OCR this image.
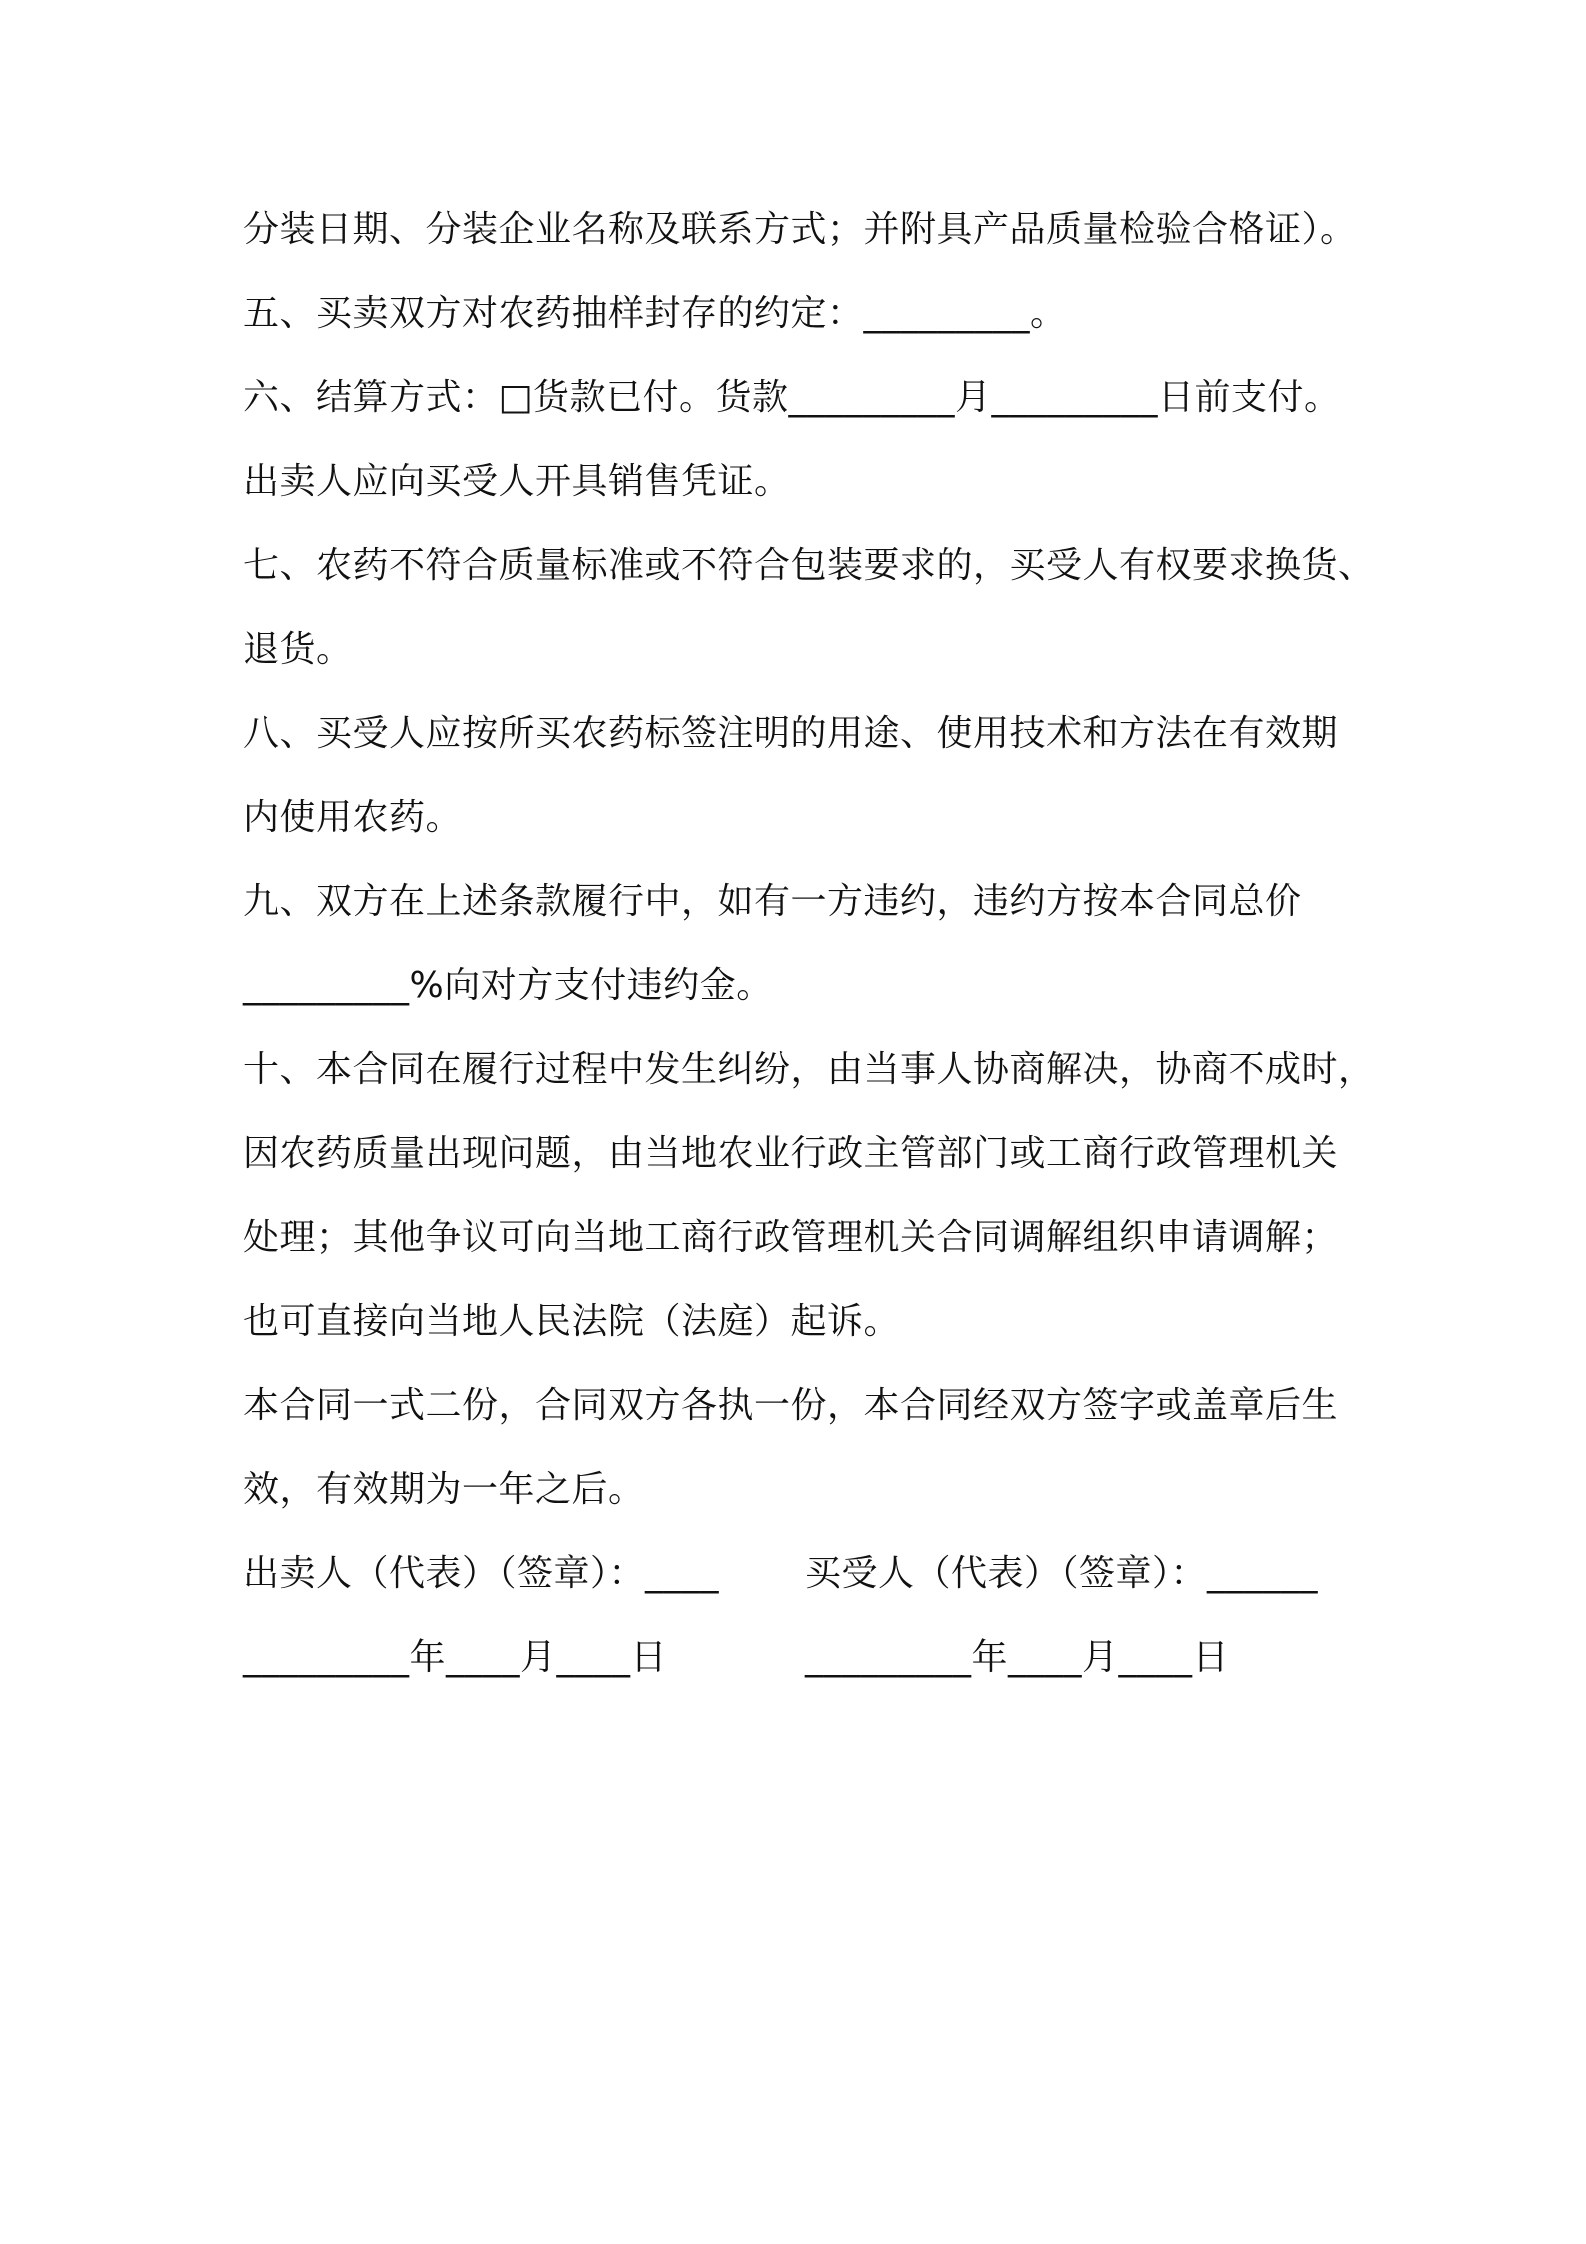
分装日期、分装企业名称及联系方式；并附具产品质量检验合格证）。
五、买卖双方对农药抽样封存的约定：_________。
六、结算方式：□货款已付。货款_________月_________日前支付。
出卖人应向买受人开具销售凭证。
七、农药不符合质量标准或不符合包装要求的，买受人有权要求换货、
退货。
八、买受人应按所买农药标签注明的用途、使用技术和方法在有效期
内使用农药。
九、双方在上述条款履行中，如有一方违约，违约方按本合同总价
_________%向对方支付违约金。
十、本合同在履行过程中发生纠纷，由当事人协商解决，协商不成时，
因农药质量出现问题，由当地农业行政主管部门或工商行政管理机关
处理；其他争议可向当地工商行政管理机关合同调解组织申请调解；
也可直接向当地人民法院（法庭）起诉。
本合同一式二份，合同双方各执一份，本合同经双方签字或盖章后生
效，有效期为一年之后。
出卖人（代表）（签章）：____ 买受人（代表）（签章）：______
_________年____月____日	_________年____月____日
